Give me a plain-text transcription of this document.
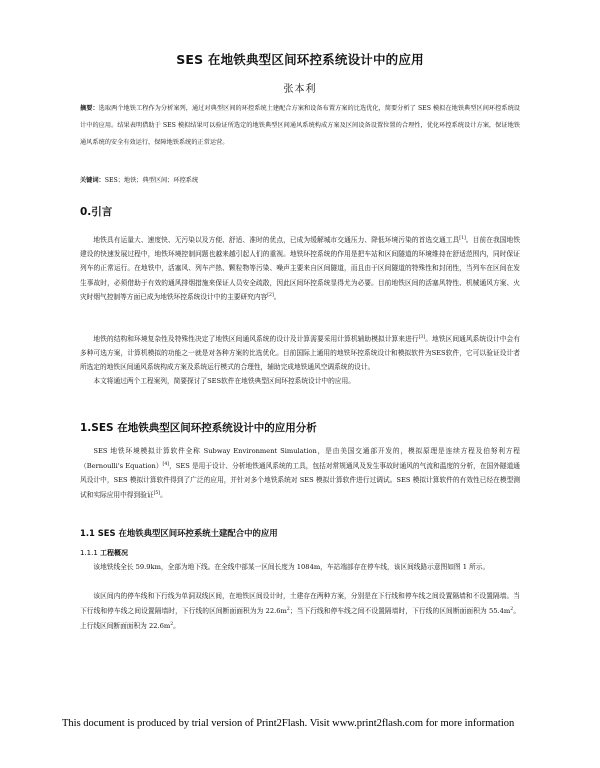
SES 在地铁典型区间环控系统设计中的应用
张本利
摘要：选取两个地铁工程作为分析案列，通过对典型区间的环控系统土建配合方案和设备布置方案的比选优化，简要分析了 SES 模拟在地铁典型区间环控系统设计中的应用。结果表明借助于 SES 模拟结果可以验证所选定的地铁典型区间通风系统构成方案及区间设备设置位置的合理性，优化环控系统设计方案，保证地铁通风系统的安全有效运行，保障地铁系统的正常运营。
关键词：SES；地铁；典型区间；环控系统
0.引言
地铁具有运量大、速度快、无污染以及方便、舒适、准时的优点，已成为缓解城市交通压力、降低环境污染的首选交通工具[1]。目前在我国地铁建设的快速发展过程中，地铁环境控制问题也越来越引起人们的重视。地铁环控系统的作用是把车站和区间隧道的环境维持在舒适范围内，同时保证列车的正常运行。在地铁中，活塞风、列车产热、颗粒物等污染、噪声主要来自区间隧道，而且由于区间隧道的特殊性和封闭性，当列车在区间在发生事故时，必须借助于有效的通风排烟措施来保证人员安全疏散，因此区间环控系统显得尤为必要。目前地铁区间的活塞风特性、机械通风方案、火灾时烟气控制等方面已成为地铁环控系统设计中的主要研究内容[2]。
地铁的结构和环境复杂性及特殊性决定了地铁区间通风系统的设计及计算需要采用计算机辅助模拟计算来进行[3]。地铁区间通风系统设计中会有多种可选方案，计算机模拟的功能之一就是对各种方案的比选优化。目前国际上通用的地铁环控系统设计和模拟软件为SES软件，它可以验证设计者所选定的地铁区间通风系统构成方案及系统运行模式的合理性，辅助完成地铁通风空调系统的设计。
本文将通过两个工程案列，简要探讨了SES软件在地铁典型区间环控系统设计中的应用。
1.SES 在地铁典型区间环控系统设计中的应用分析
SES 地铁环境模拟计算软件全称 Subway Environment Simulation，是由美国交通部开发的，模拟原理是连续方程及伯努利方程（Bernoulli's Equation）[4]，SES 是用于设计、分析地铁通风系统的工具，包括对常规通风及发生事故时通风的气流和温度的分析，在国外隧道通风设计中，SES 模拟计算软件得到了广泛的应用，并针对多个地铁系统对 SES 模拟计算软件进行过调试。SES 模拟计算软件的有效性已经在模型测试和实际应用中得到验证[5]。
1.1 SES 在地铁典型区间环控系统土建配合中的应用
1.1.1 工程概况
该地铁线全长 59.9km，全部为地下线。在全线中部某一区间长度为 1084m，车站端部存在停车线，该区间线路示意图如图 1 所示。
该区间内的停车线和下行线为单洞双线区间，在地铁区间设计时，土建存在两种方案，分别是在下行线和停车线之间设置隔墙和不设置隔墙。当下行线和停车线之间设置隔墙时，下行线的区间断面面积为为 $22.6m^2$；当下行线和停车线之间不设置隔墙时，下行线的区间断面面积为 $55.4m^2$。上行线区间断面面积为 $22.6m^2$。
This document is produced by trial version of Print2Flash. Visit www.print2flash.com for more information
